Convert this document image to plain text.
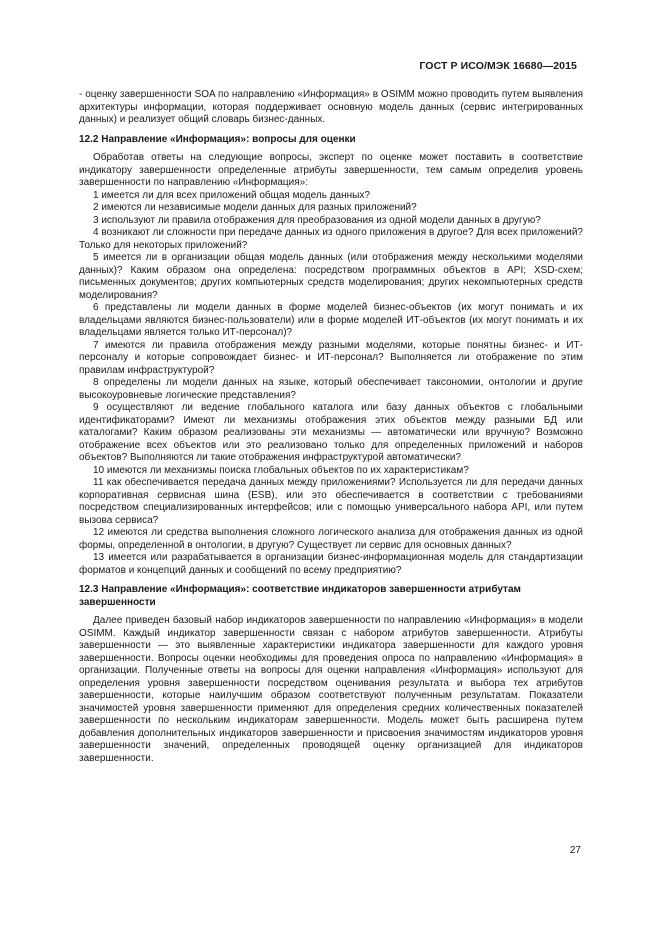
ГОСТ Р ИСО/МЭК 16680—2015

- оценку завершенности SOA по направлению «Информация» в OSIMM можно проводить путем выявления архитектуры информации, которая поддерживает основную модель данных (сервис интегрированных данных) и реализует общий словарь бизнес-данных.

12.2 Направление «Информация»: вопросы для оценки

Обработав ответы на следующие вопросы, эксперт по оценке может поставить в соответствие индикатору завершенности определенные атрибуты завершенности, тем самым определив уровень завершенности по направлению «Информация»:

1 имеется ли для всех приложений общая модель данных?

2 имеются ли независимые модели данных для разных приложений?

3 используют ли правила отображения для преобразования из одной модели данных в другую?

4 возникают ли сложности при передаче данных из одного приложения в другое? Для всех приложений? Только для некоторых приложений?

5 имеется ли в организации общая модель данных (или отображения между несколькими моделями данных)? Каким образом она определена: посредством программных объектов в API; XSD-схем; письменных документов; других компьютерных средств моделирования; других некомпьютерных средств моделирования?

6 представлены ли модели данных в форме моделей бизнес-объектов (их могут понимать и их владельцами являются бизнес-пользователи) или в форме моделей ИТ-объектов (их могут понимать и их владельцами является только ИТ-персонал)?

7 имеются ли правила отображения между разными моделями, которые понятны бизнес- и ИТ-персоналу и которые сопровождает бизнес- и ИТ-персонал? Выполняется ли отображение по этим правилам инфраструктурой?

8 определены ли модели данных на языке, который обеспечивает таксономии, онтологии и другие высокоуровневые логические представления?

9 осуществляют ли ведение глобального каталога или базу данных объектов с глобальными идентификаторами? Имеют ли механизмы отображения этих объектов между разными БД или каталогами? Каким образом реализованы эти механизмы — автоматически или вручную? Возможно отображение всех объектов или это реализовано только для определенных приложений и наборов объектов? Выполняются ли такие отображения инфраструктурой автоматически?

10 имеются ли механизмы поиска глобальных объектов по их характеристикам?

11 как обеспечивается передача данных между приложениями? Используется ли для передачи данных корпоративная сервисная шина (ESB), или это обеспечивается в соответствии с требованиями посредством специализированных интерфейсов; или с помощью универсального набора API, или путем вызова сервиса?

12 имеются ли средства выполнения сложного логического анализа для отображения данных из одной формы, определенной в онтологии, в другую? Существует ли сервис для основных данных?

13 имеется или разрабатывается в организации бизнес-информационная модель для стандартизации форматов и концепций данных и сообщений по всему предприятию?

12.3 Направление «Информация»: соответствие индикаторов завершенности атрибутам завершенности

Далее приведен базовый набор индикаторов завершенности по направлению «Информация» в модели OSIMM. Каждый индикатор завершенности связан с набором атрибутов завершенности. Атрибуты завершенности — это выявленные характеристики индикатора завершенности для каждого уровня завершенности. Вопросы оценки необходимы для проведения опроса по направлению «Информация» в организации. Полученные ответы на вопросы для оценки направления «Информация» используют для определения уровня завершенности посредством оценивания результата и выбора тех атрибутов завершенности, которые наилучшим образом соответствуют полученным результатам. Показатели значимостей уровня завершенности применяют для определения средних количественных показателей завершенности по нескольким индикаторам завершенности. Модель может быть расширена путем добавления дополнительных индикаторов завершенности и присвоения значимостям индикаторов уровня завершенности значений, определенных проводящей оценку организацией для индикаторов завершенности.

27
